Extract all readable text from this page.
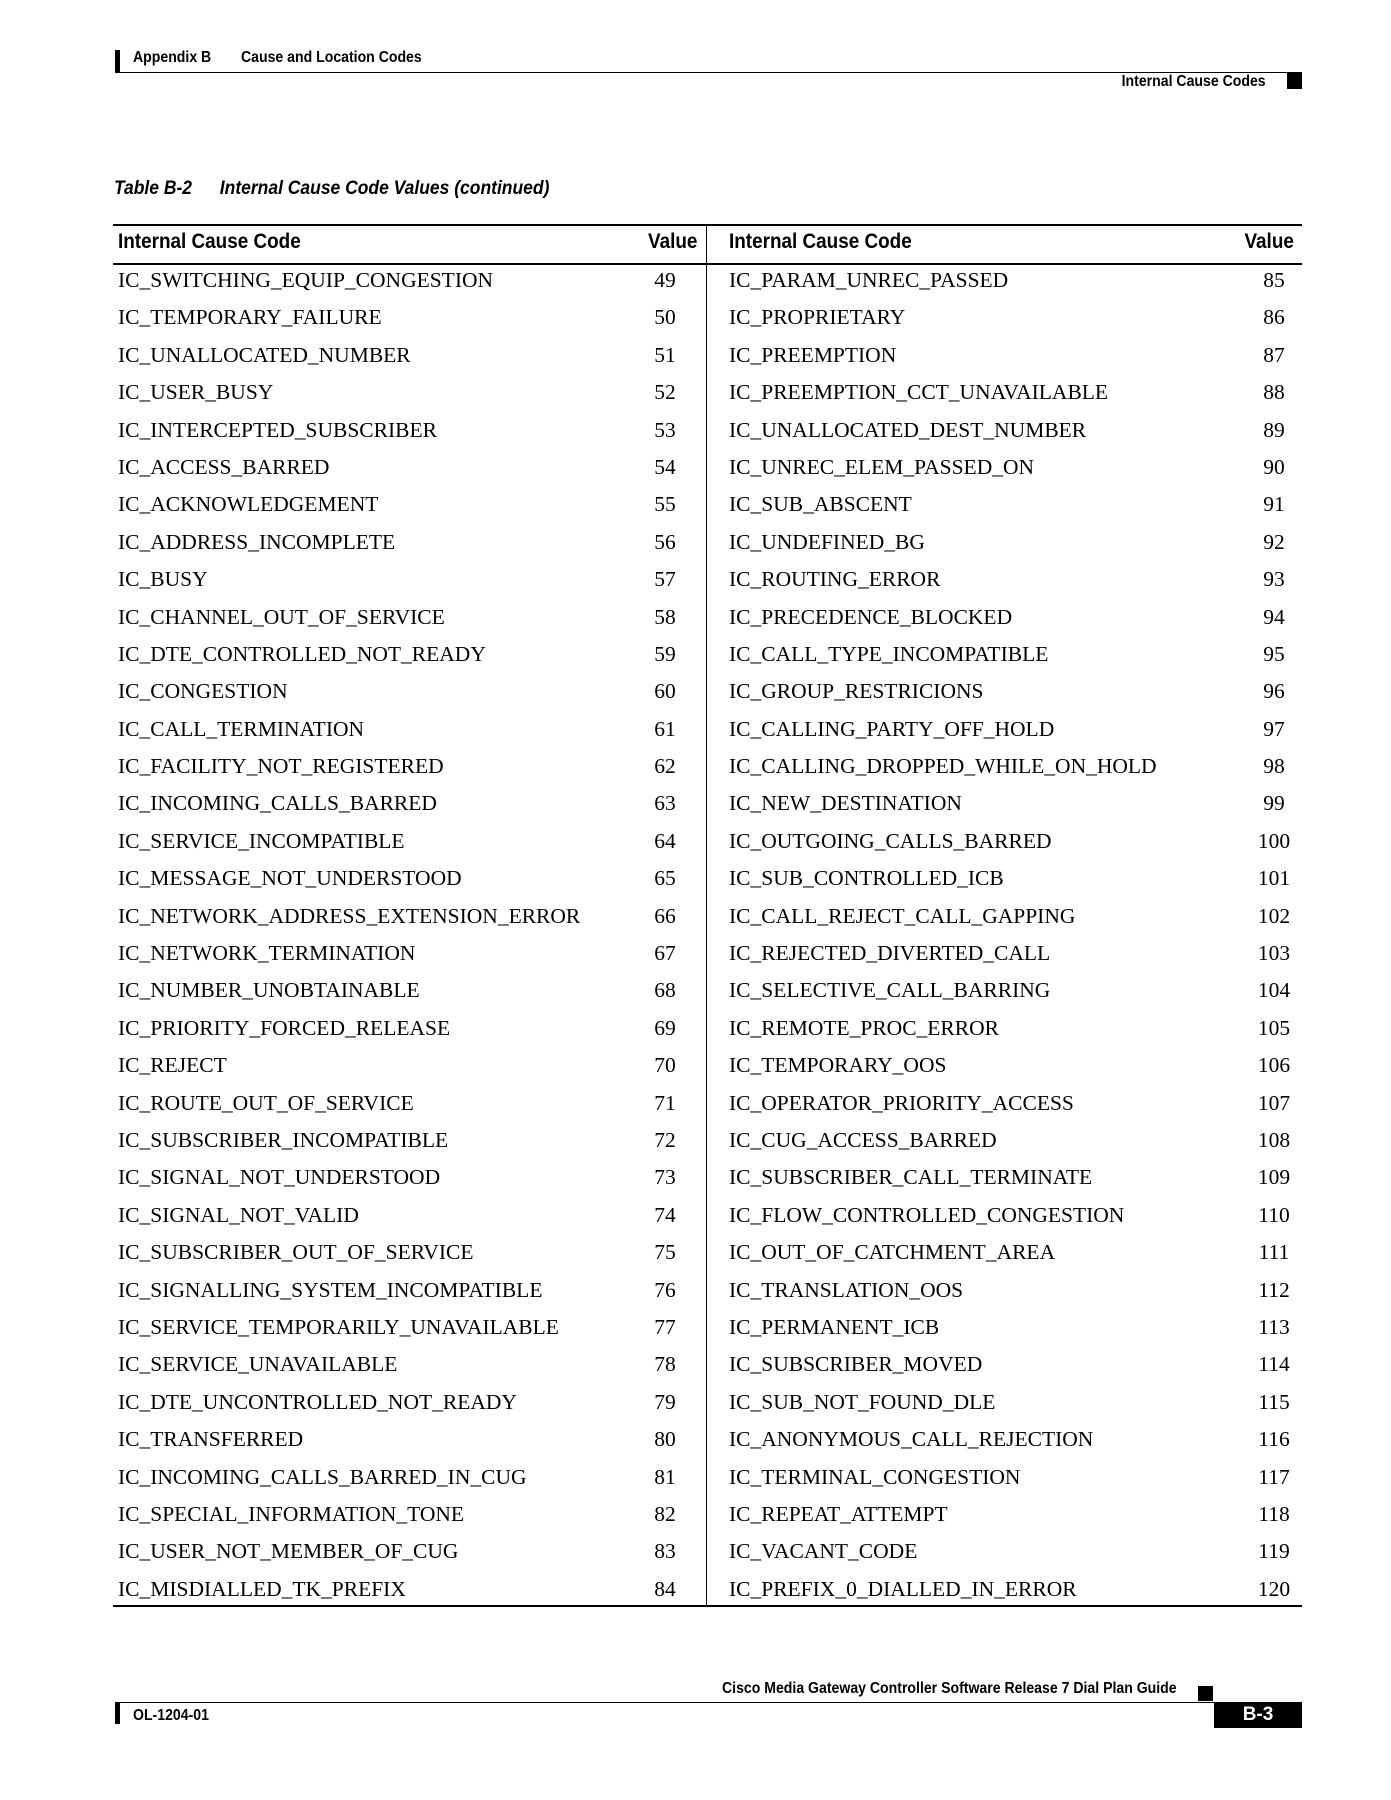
Appendix B Cause and Location Codes
Internal Cause Codes
Table B-2 Internal Cause Code Values (continued)
Internal Cause Code	Value Internal Cause Code	Value
IC_SWITCHING_EQUIP_CONGESTION	49	IC_PARAM_UNREC_PASSED	85
IC_TEMPORARY_FAILURE	50	IC_PROPRIETARY	86
IC_UNALLOCATED_NUMBER	51	IC_PREEMPTION	87
IC_USER_BUSY	52	IC_PREEMPTION_CCT_UNAVAILABLE	88
IC_INTERCEPTED_SUBSCRIBER	53	IC_UNALLOCATED_DEST_NUMBER	89
IC_ACCESS_BARRED	54	IC_UNREC_ELEM_PASSED_ON	90
IC_ACKNOWLEDGEMENT	55	IC_SUB_ABSCENT	91
IC_ADDRESS_INCOMPLETE	56	IC_UNDEFINED_BG	92
IC_BUSY	57	IC_ROUTING_ERROR	93
IC_CHANNEL_OUT_OF_SERVICE	58	IC_PRECEDENCE_BLOCKED	94
IC_DTE_CONTROLLED_NOT_READY	59	IC_CALL_TYPE_INCOMPATIBLE	95
IC_CONGESTION	60	IC_GROUP_RESTRICIONS	96
IC_CALL_TERMINATION	61	IC_CALLING_PARTY_OFF_HOLD	97
IC_FACILITY_NOT_REGISTERED	62	IC_CALLING_DROPPED_WHILE_ON_HOLD	98
IC_INCOMING_CALLS_BARRED	63	IC_NEW_DESTINATION	99
IC_SERVICE_INCOMPATIBLE	64	IC_OUTGOING_CALLS_BARRED	100
IC_MESSAGE_NOT_UNDERSTOOD	65	IC_SUB_CONTROLLED_ICB	101
IC_NETWORK_ADDRESS_EXTENSION_ERROR	66	IC_CALL_REJECT_CALL_GAPPING	102
IC_NETWORK_TERMINATION	67	IC_REJECTED_DIVERTED_CALL	103
IC_NUMBER_UNOBTAINABLE	68	IC_SELECTIVE_CALL_BARRING	104
IC_PRIORITY_FORCED_RELEASE	69	IC_REMOTE_PROC_ERROR	105
IC_REJECT	70	IC_TEMPORARY_OOS	106
IC_ROUTE_OUT_OF_SERVICE	71	IC_OPERATOR_PRIORITY_ACCESS	107
IC_SUBSCRIBER_INCOMPATIBLE	72	IC_CUG_ACCESS_BARRED	108
IC_SIGNAL_NOT_UNDERSTOOD	73	IC_SUBSCRIBER_CALL_TERMINATE	109
IC_SIGNAL_NOT_VALID	74	IC_FLOW_CONTROLLED_CONGESTION	110
IC_SUBSCRIBER_OUT_OF_SERVICE	75	IC_OUT_OF_CATCHMENT_AREA	111
IC_SIGNALLING_SYSTEM_INCOMPATIBLE	76	IC_TRANSLATION_OOS	112
IC_SERVICE_TEMPORARILY_UNAVAILABLE	77	IC_PERMANENT_ICB	113
IC_SERVICE_UNAVAILABLE	78	IC_SUBSCRIBER_MOVED	114
IC_DTE_UNCONTROLLED_NOT_READY	79	IC_SUB_NOT_FOUND_DLE	115
IC_TRANSFERRED	80	IC_ANONYMOUS_CALL_REJECTION	116
IC_INCOMING_CALLS_BARRED_IN_CUG	81	IC_TERMINAL_CONGESTION	117
IC_SPECIAL_INFORMATION_TONE	82	IC_REPEAT_ATTEMPT	118
IC_USER_NOT_MEMBER_OF_CUG	83	IC_VACANT_CODE	119
IC_MISDIALLED_TK_PREFIX	84	IC_PREFIX_0_DIALLED_IN_ERROR	120
Cisco Media Gateway Controller Software Release 7 Dial Plan Guide
OL-1204-01	B-3
